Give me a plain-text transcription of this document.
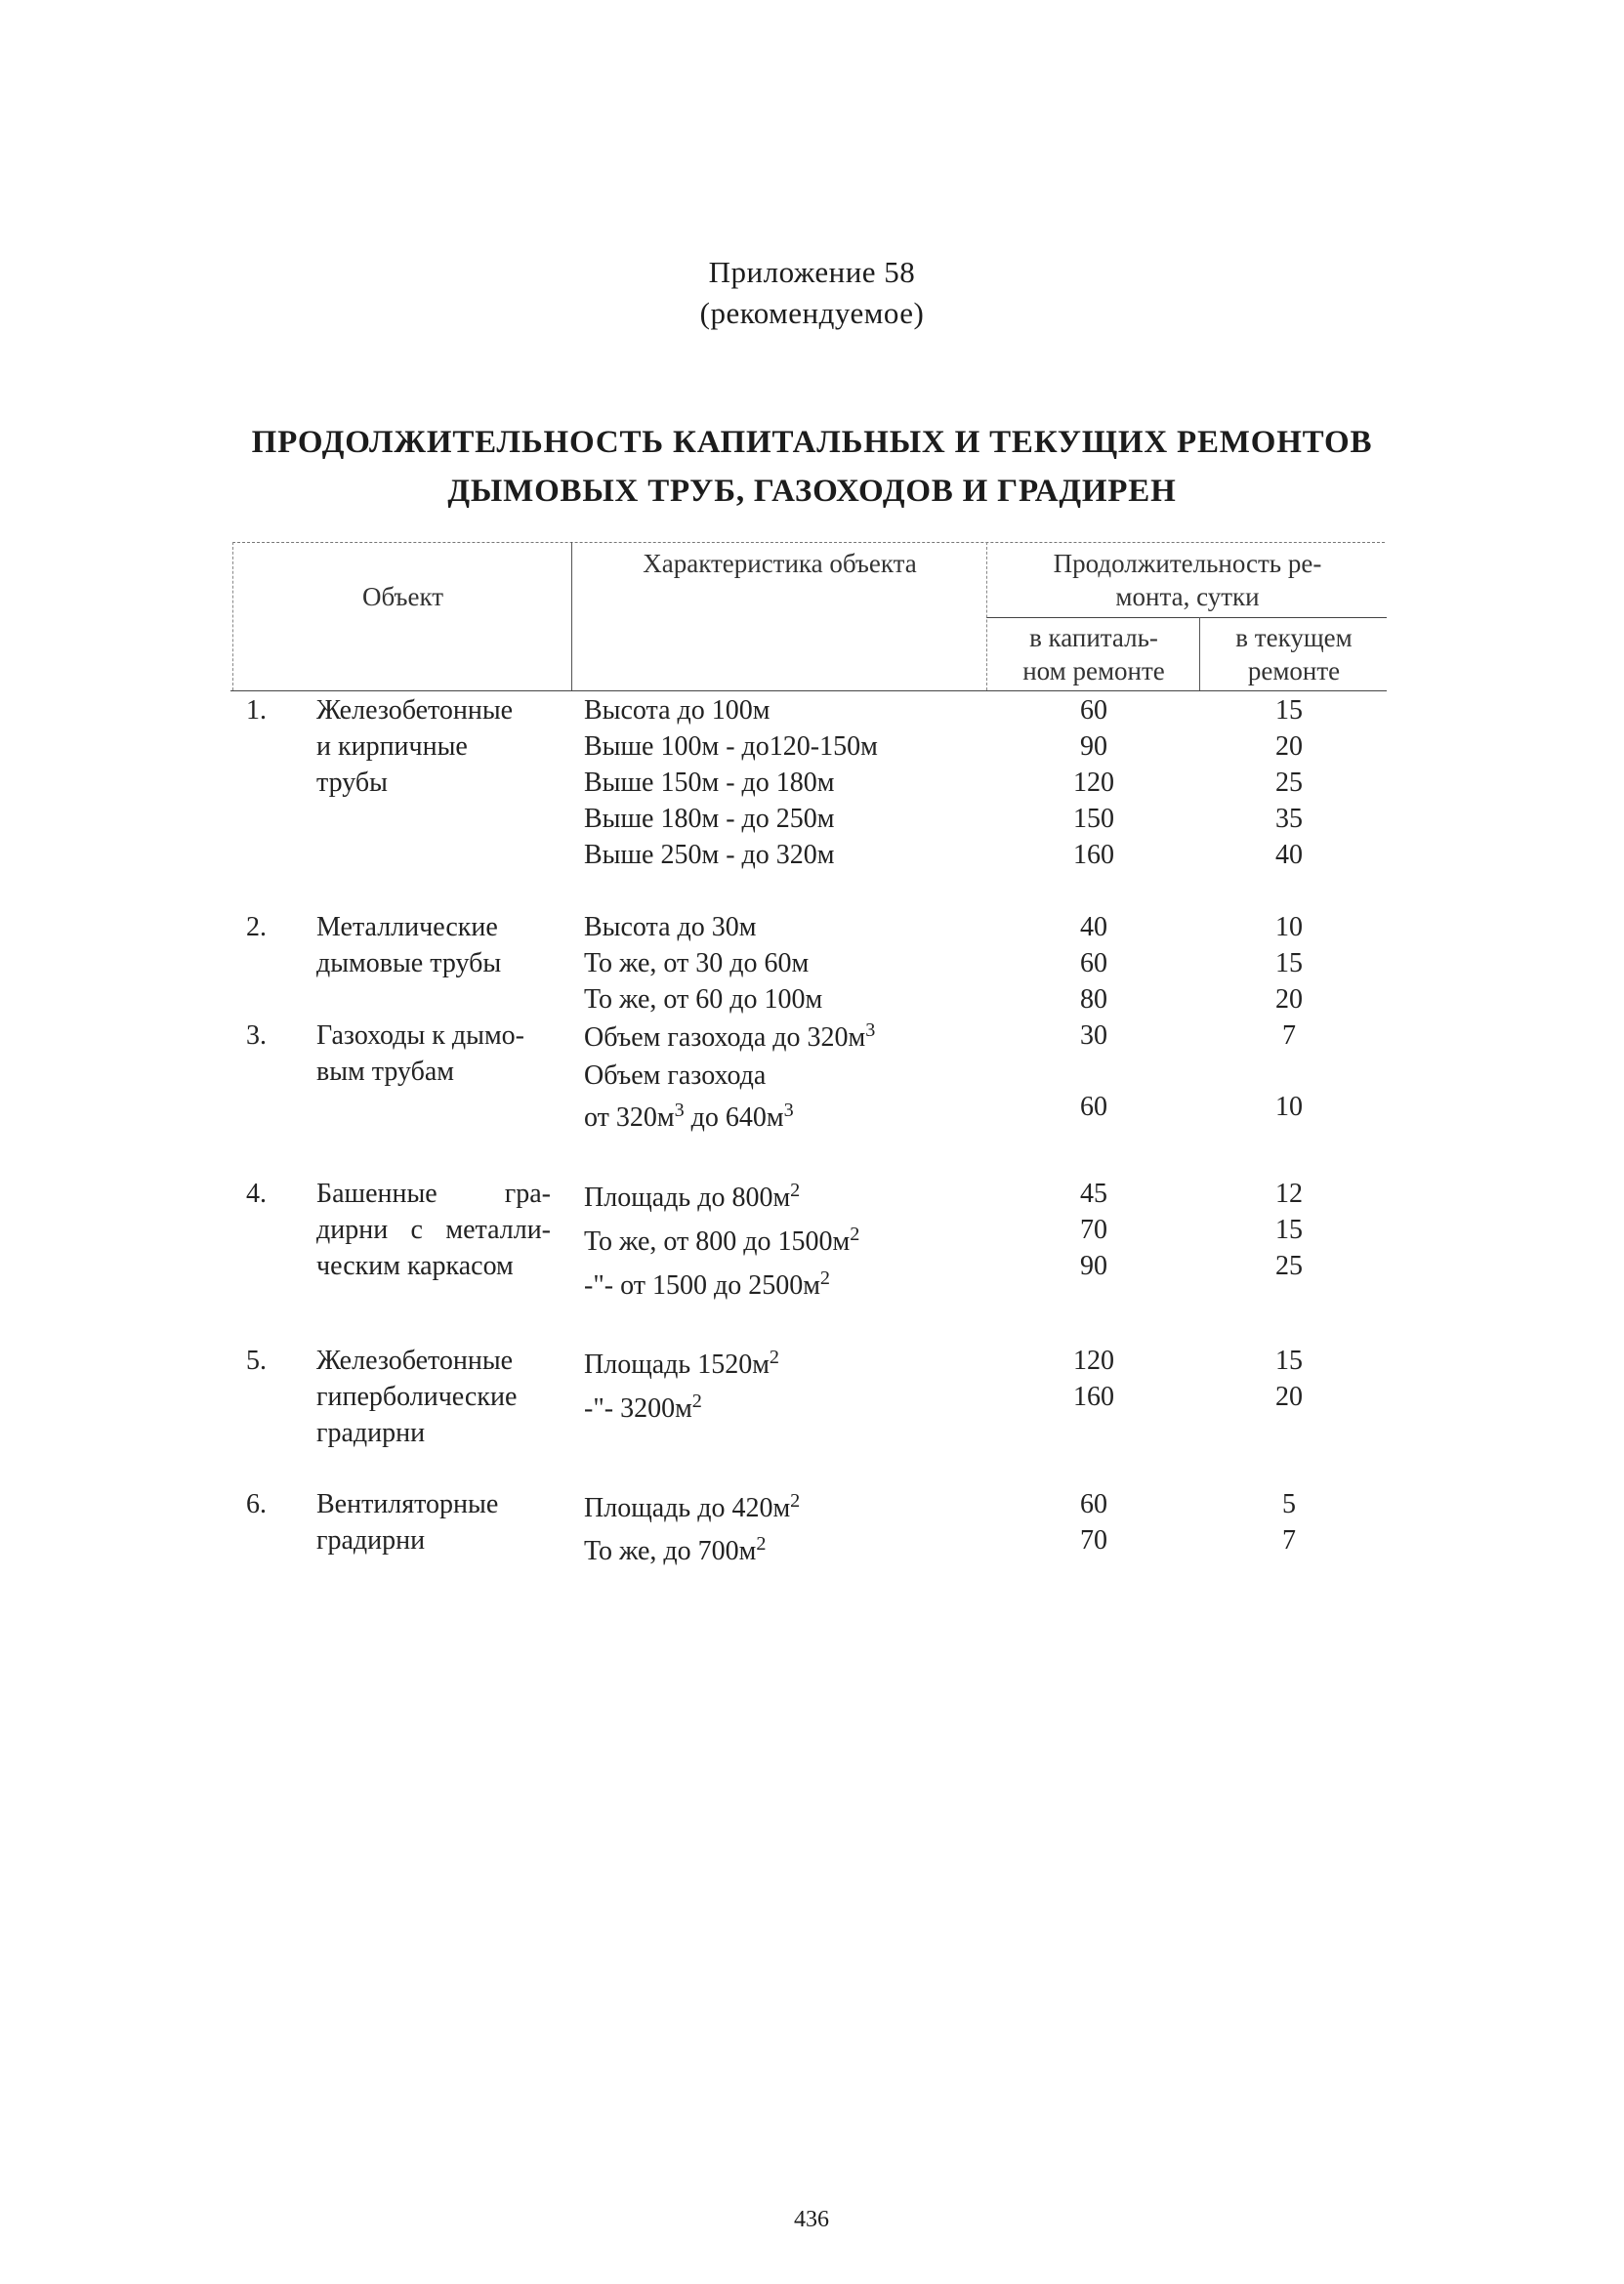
Приложение 58
(рекомендуемое)
ПРОДОЛЖИТЕЛЬНОСТЬ КАПИТАЛЬНЫХ И ТЕКУЩИХ РЕМОНТОВ
ДЫМОВЫХ ТРУБ, ГАЗОХОДОВ И ГРАДИРЕН
Объект
Характеристика объекта	Продолжительность ре-
монта, сутки
в капиталь-
ном ремонте
в текущем
ремонте
1. Железобетонные
и кирпичные
трубы
Высота до 100м
Выше 100м - до120-150м
Выше 150м - до 180м
Выше 180м - до 250м
Выше 250м - до 320м
60
90
120
150
160
15
20
25
35
40
2. Металлические
дымовые трубы
Высота до 30м
То же, от 30 до 60м
То же, от 60 до 100м
40
60
80
10
15
20
3. Газоходы к дымо-
вым трубам
Объем газохода до $320м^3$
Объем газохода
от $320м^3$ до $640м^3$
30
60
7
10
4. Башенные гра-
дирни с металли-
ческим каркасом
Площадь до $800м^2$
То же, от 800 до $1500м^2$
-"- от 1500 до $2500м^2$
45
70
90
12
15
25
5. Железобетонные
гиперболические
градирни
Площадь $1520м^2$
-"- $3200м^2$
120
160
15
20
6. Вентиляторные
градирни
Площадь до $420м^2$
То же, до $700м^2$
60
70
5
7
436
